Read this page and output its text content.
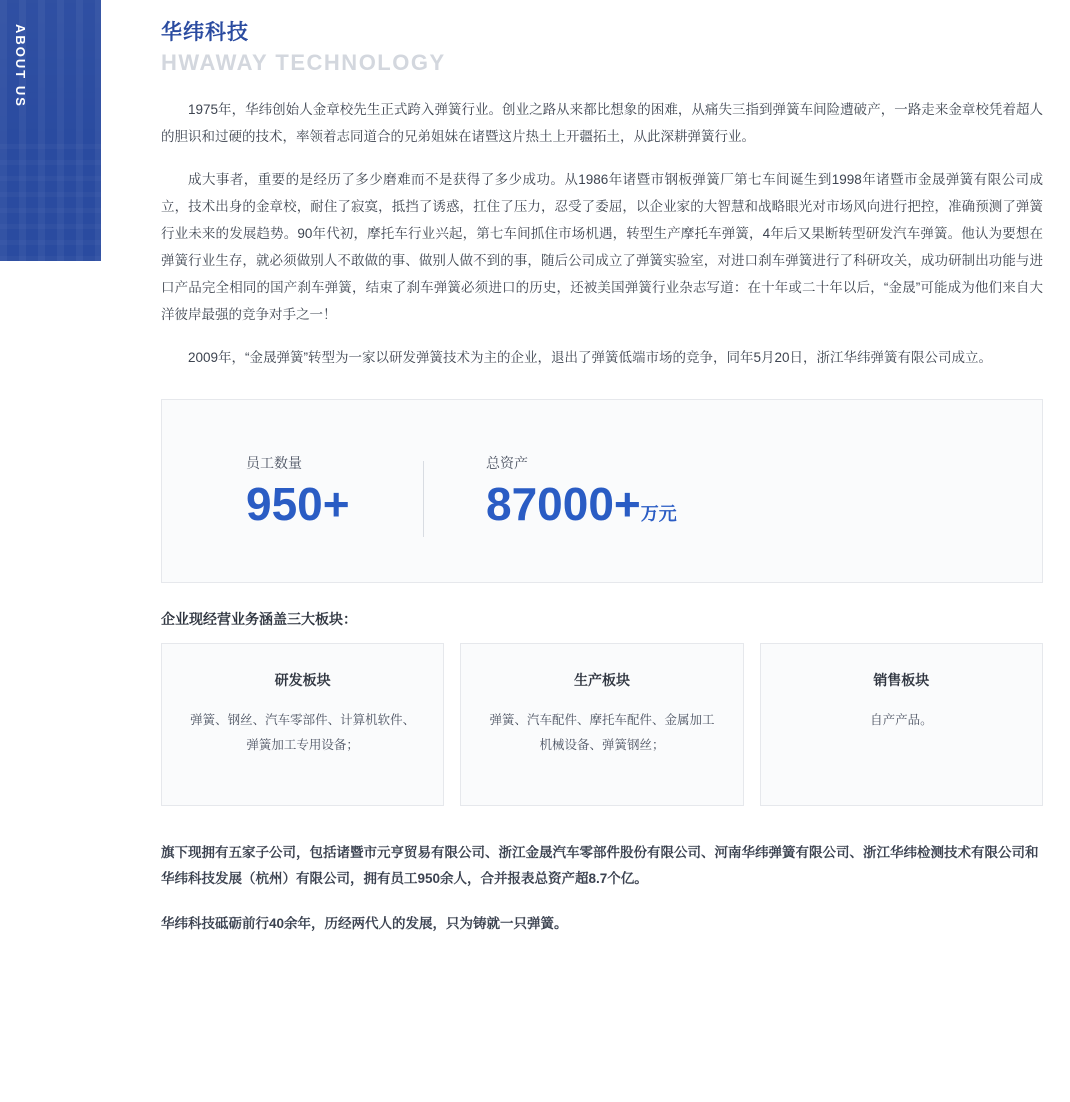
ABOUT US	华纬科技
HWAWAY TECHNOLOGY

1975年，华纬创始人金章校先生正式跨入弹簧行业。创业之路从来都比想象的困难，从痛失三指到弹簧车间险遭破产，一路走来金章校凭着超人的胆识和过硬的技术，率领着志同道合的兄弟姐妹在诸暨这片热土上开疆拓土，从此深耕弹簧行业。

成大事者，重要的是经历了多少磨难而不是获得了多少成功。从1986年诸暨市钢板弹簧厂第七车间诞生到1998年诸暨市金晟弹簧有限公司成立，技术出身的金章校，耐住了寂寞，抵挡了诱惑，扛住了压力，忍受了委屈，以企业家的大智慧和战略眼光对市场风向进行把控，准确预测了弹簧行业未来的发展趋势。90年代初，摩托车行业兴起，第七车间抓住市场机遇，转型生产摩托车弹簧，4年后又果断转型研发汽车弹簧。他认为要想在弹簧行业生存，就必须做别人不敢做的事、做别人做不到的事，随后公司成立了弹簧实验室，对进口刹车弹簧进行了科研攻关，成功研制出功能与进口产品完全相同的国产刹车弹簧，结束了刹车弹簧必须进口的历史，还被美国弹簧行业杂志写道：在十年或二十年以后，“金晟”可能成为他们来自大洋彼岸最强的竞争对手之一！

2009年，“金晟弹簧”转型为一家以研发弹簧技术为主的企业，退出了弹簧低端市场的竞争，同年5月20日，浙江华纬弹簧有限公司成立。

员工数量
950+
总资产
87000+万元
企业现经营业务涵盖三大板块：
研发板块
弹簧、钢丝、汽车零部件、计算机软件、弹簧加工专用设备；
生产板块
弹簧、汽车配件、摩托车配件、金属加工机械设备、弹簧钢丝；
销售板块
自产产品。

旗下现拥有五家子公司，包括诸暨市元亨贸易有限公司、浙江金晟汽车零部件股份有限公司、河南华纬弹簧有限公司、浙江华纬检测技术有限公司和华纬科技发展（杭州）有限公司，拥有员工950余人，合并报表总资产超8.7个亿。

华纬科技砥砺前行40余年，历经两代人的发展，只为铸就一只弹簧。
